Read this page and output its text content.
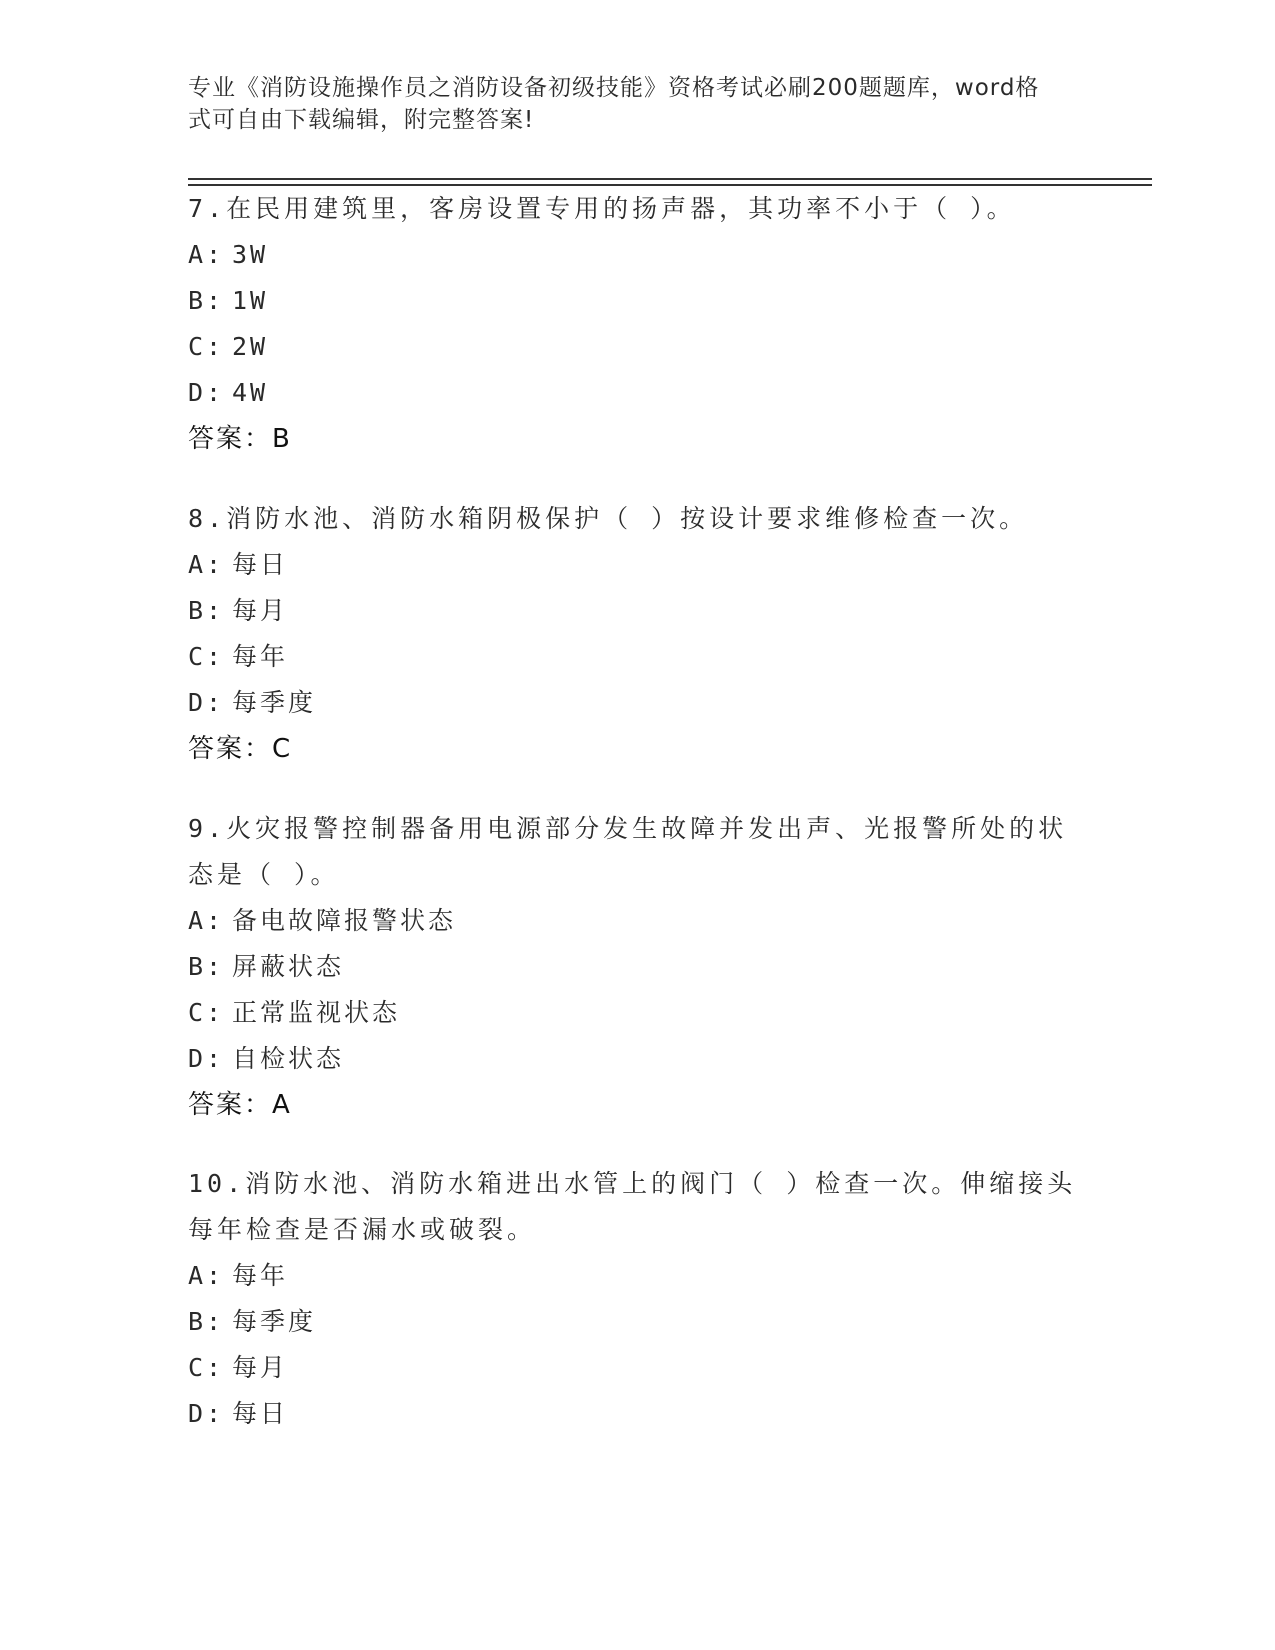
专业《消防设施操作员之消防设备初级技能》资格考试必刷200题题库，word格
式可自由下载编辑，附完整答案!
7.在民用建筑里，客房设置专用的扬声器，其功率不小于（ ）。
A: 3W
B: 1W
C: 2W
D: 4W
答案：B
8.消防水池、消防水箱阴极保护（ ）按设计要求维修检查一次。
A: 每日
B: 每月
C: 每年
D: 每季度
答案：C
9.火灾报警控制器备用电源部分发生故障并发出声、光报警所处的状
态是（ ）。
A: 备电故障报警状态
B: 屏蔽状态
C: 正常监视状态
D: 自检状态
答案：A
10.消防水池、消防水箱进出水管上的阀门（ ）检查一次。伸缩接头
每年检查是否漏水或破裂。
A: 每年
B: 每季度
C: 每月
D: 每日
